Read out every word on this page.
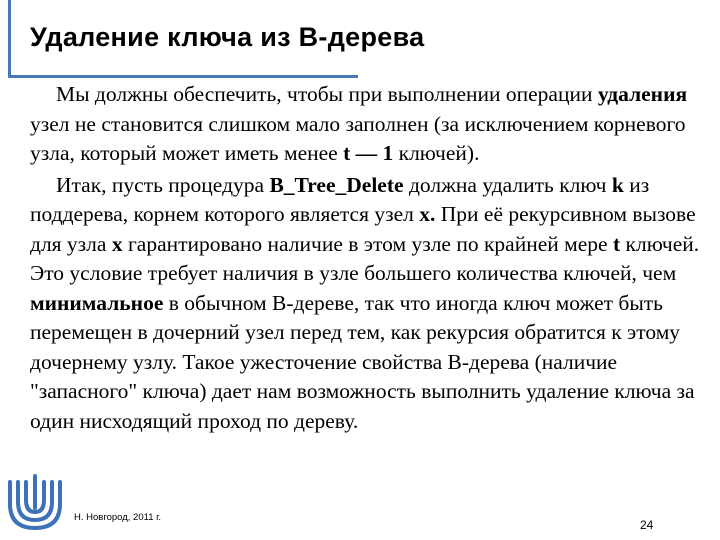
Удаление ключа из B-дерева

Мы должны обеспечить, чтобы при выполнении операции удаления узел не становится слишком мало заполнен (за исключением корневого узла, который может иметь менее t — 1 ключей).

Итак, пусть процедура B_Tree_Delete должна удалить ключ k из поддерева, корнем которого является узел x. При её рекурсивном вызове для узла x гарантировано наличие в этом узле по крайней мере t ключей. Это условие требует наличия в узле большего количества ключей, чем минимальное в обычном B-дереве, так что иногда ключ может быть перемещен в дочерний узел перед тем, как рекурсия обратится к этому дочернему узлу. Такое ужесточение свойства B-дерева (наличие "запасного" ключа) дает нам возможность выполнить удаление ключа за один нисходящий проход по дереву.

Н. Новгород, 2011 г.
24
